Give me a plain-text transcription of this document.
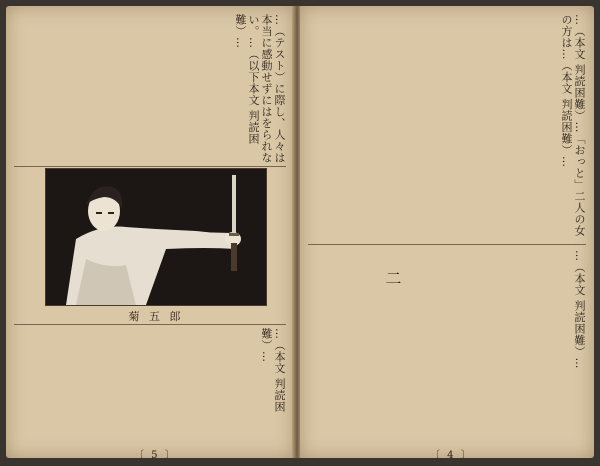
…（テスト）に際し、人々は本当に感動せずにはをられない。…（以下本文 判読困難）…
菊 五 郎
…（本文 判読困難）…
〔 5 〕
…（本文 判読困難）…「おっと」二人の女の方は…（本文 判読困難）…
…（本文 判読困難）…
〔 4 〕
二
